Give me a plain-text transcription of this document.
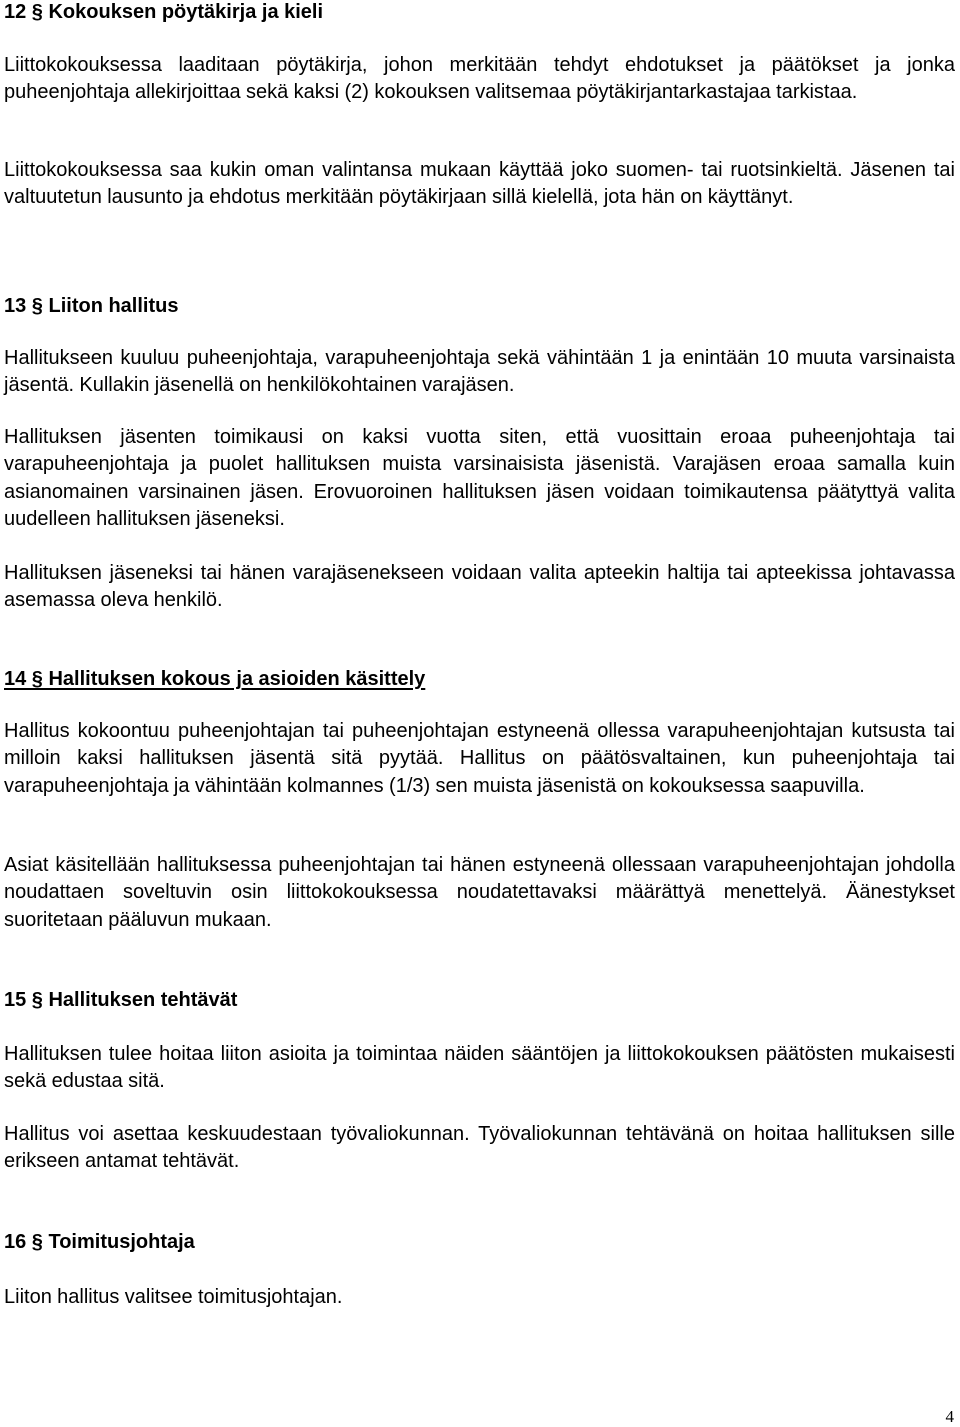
12 § Kokouksen pöytäkirja ja kieli

Liittokokouksessa laaditaan pöytäkirja, johon merkitään tehdyt ehdotukset ja päätökset ja jonka puheenjohtaja allekirjoittaa sekä kaksi (2) kokouksen valitsemaa pöytäkirjantarkastajaa tarkistaa.

Liittokokouksessa saa kukin oman valintansa mukaan käyttää joko suomen- tai ruotsinkieltä. Jäsenen tai valtuutetun lausunto ja ehdotus merkitään pöytäkirjaan sillä kielellä, jota hän on käyttänyt.

13 § Liiton hallitus

Hallitukseen kuuluu puheenjohtaja, varapuheenjohtaja sekä vähintään 1 ja enintään 10 muuta varsinaista jäsentä. Kullakin jäsenellä on henkilökohtainen varajäsen.

Hallituksen jäsenten toimikausi on kaksi vuotta siten, että vuosittain eroaa puheenjohtaja tai varapuheenjohtaja ja puolet hallituksen muista varsinaisista jäsenistä. Varajäsen eroaa samalla kuin asianomainen varsinainen jäsen. Erovuoroinen hallituksen jäsen voidaan toimikautensa päätyttyä valita uudelleen hallituksen jäseneksi.

Hallituksen jäseneksi tai hänen varajäsenekseen voidaan valita apteekin haltija tai apteekissa johtavassa asemassa oleva henkilö.

14 § Hallituksen kokous ja asioiden käsittely

Hallitus kokoontuu puheenjohtajan tai puheenjohtajan estyneenä ollessa varapuheenjohtajan kutsusta tai milloin kaksi hallituksen jäsentä sitä pyytää. Hallitus on päätösvaltainen, kun puheenjohtaja tai varapuheenjohtaja ja vähintään kolmannes (1/3) sen muista jäsenistä on kokouksessa saapuvilla.

Asiat käsitellään hallituksessa puheenjohtajan tai hänen estyneenä ollessaan varapuheenjohtajan johdolla noudattaen soveltuvin osin liittokokouksessa noudatettavaksi määrättyä menettelyä. Äänestykset suoritetaan pääluvun mukaan.

15 § Hallituksen tehtävät

Hallituksen tulee hoitaa liiton asioita ja toimintaa näiden sääntöjen ja liittokokouksen päätösten mukaisesti sekä edustaa sitä.

Hallitus voi asettaa keskuudestaan työvaliokunnan. Työvaliokunnan tehtävänä on hoitaa hallituksen sille erikseen antamat tehtävät.

16 § Toimitusjohtaja

Liiton hallitus valitsee toimitusjohtajan.

4
